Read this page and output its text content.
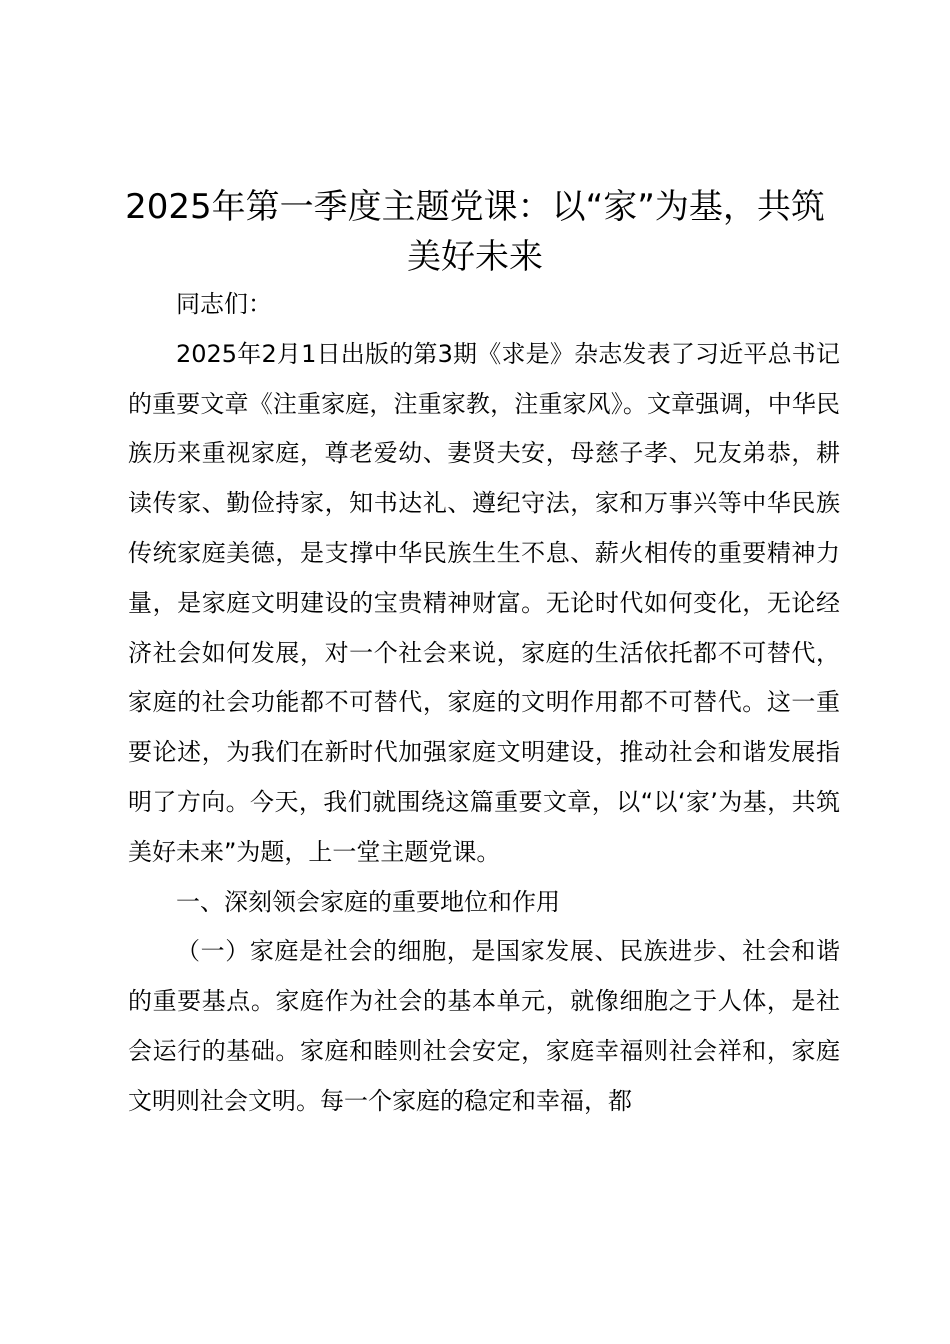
2025年第一季度主题党课：以“家”为基，共筑美好未来

同志们：

2025年2月1日出版的第3期《求是》杂志发表了习近平总书记的重要文章《注重家庭，注重家教，注重家风》。文章强调，中华民族历来重视家庭，尊老爱幼、妻贤夫安，母慈子孝、兄友弟恭，耕读传家、勤俭持家，知书达礼、遵纪守法，家和万事兴等中华民族传统家庭美德，是支撑中华民族生生不息、薪火相传的重要精神力量，是家庭文明建设的宝贵精神财富。无论时代如何变化，无论经济社会如何发展，对一个社会来说，家庭的生活依托都不可替代，家庭的社会功能都不可替代，家庭的文明作用都不可替代。这一重要论述，为我们在新时代加强家庭文明建设，推动社会和谐发展指明了方向。今天，我们就围绕这篇重要文章，以“以‘家’为基，共筑美好未来”为题，上一堂主题党课。

一、深刻领会家庭的重要地位和作用

（一）家庭是社会的细胞，是国家发展、民族进步、社会和谐的重要基点。家庭作为社会的基本单元，就像细胞之于人体，是社会运行的基础。家庭和睦则社会安定，家庭幸福则社会祥和，家庭文明则社会文明。每一个家庭的稳定和幸福，都
